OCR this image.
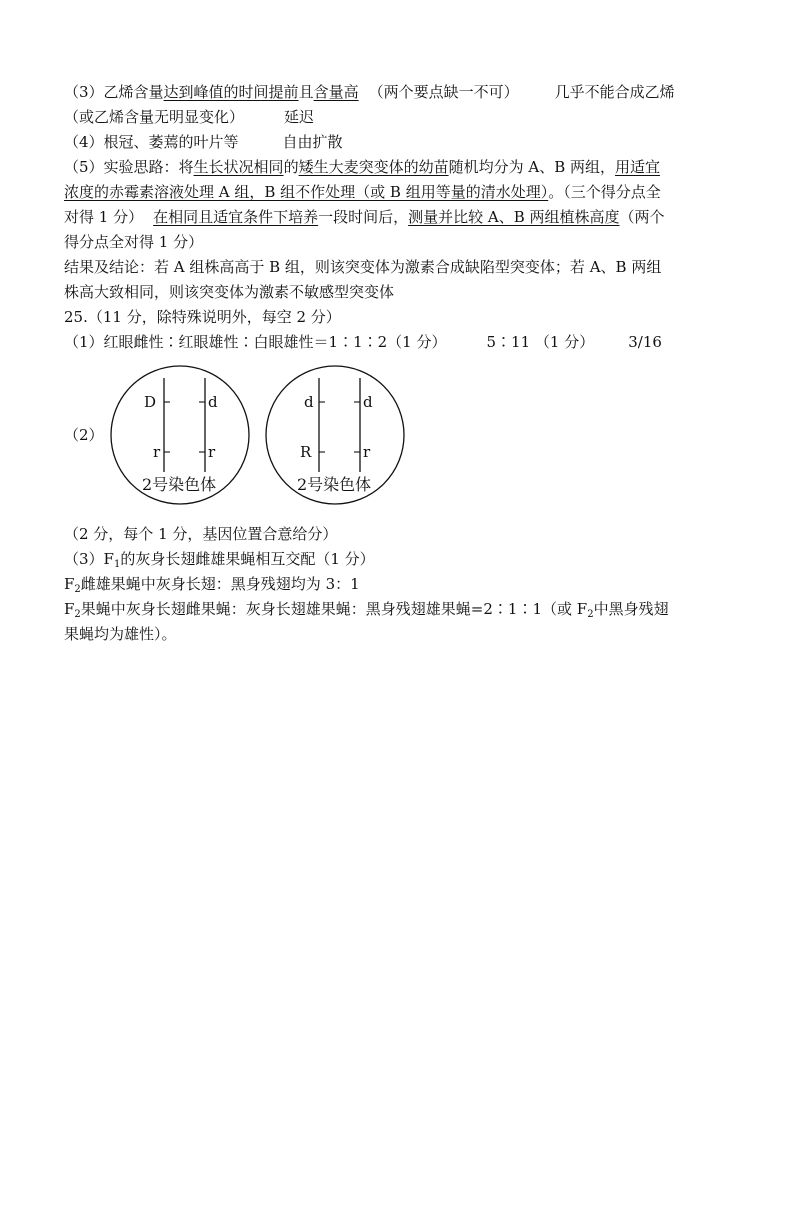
（3）乙烯含量达到峰值的时间提前且含量高 （两个要点缺一不可） 几乎不能合成乙烯
（或乙烯含量无明显变化）	延迟
（4）根冠、萎蔫的叶片等	自由扩散
（5）实验思路：将生长状况相同的矮生大麦突变体的幼苗随机均分为 A、B 两组，用适宜
浓度的赤霉素溶液处理 A 组，B 组不作处理（或 B 组用等量的清水处理）。（三个得分点全
对得 1 分） 在相同且适宜条件下培养一段时间后，测量并比较 A、B 两组植株高度（两个
得分点全对得 1 分）
结果及结论：若 A 组株高高于 B 组，则该突变体为激素合成缺陷型突变体；若 A、B 两组
株高大致相同，则该突变体为激素不敏感型突变体
25.（11 分，除特殊说明外，每空 2 分）
（1）红眼雌性∶红眼雄性∶白眼雄性＝1∶1∶2（1 分）	5∶11 （1 分） 3/16
（2）
D	d
r	r
2号染色体
d	d
R	r
2号染色体
（2 分，每个 1 分，基因位置合意给分）
$(3)F_1$的灰身长翅雌雄果蝇相互交配（1 分）
$F_2$雌雄果蝇中灰身长翅：黑身残翅均为 3：1
$F_2$果蝇中灰身长翅雌果蝇：灰身长翅雄果蝇：黑身残翅雄果蝇=2∶1∶1（或 $F_2$中黑身残翅
果蝇均为雄性）。
